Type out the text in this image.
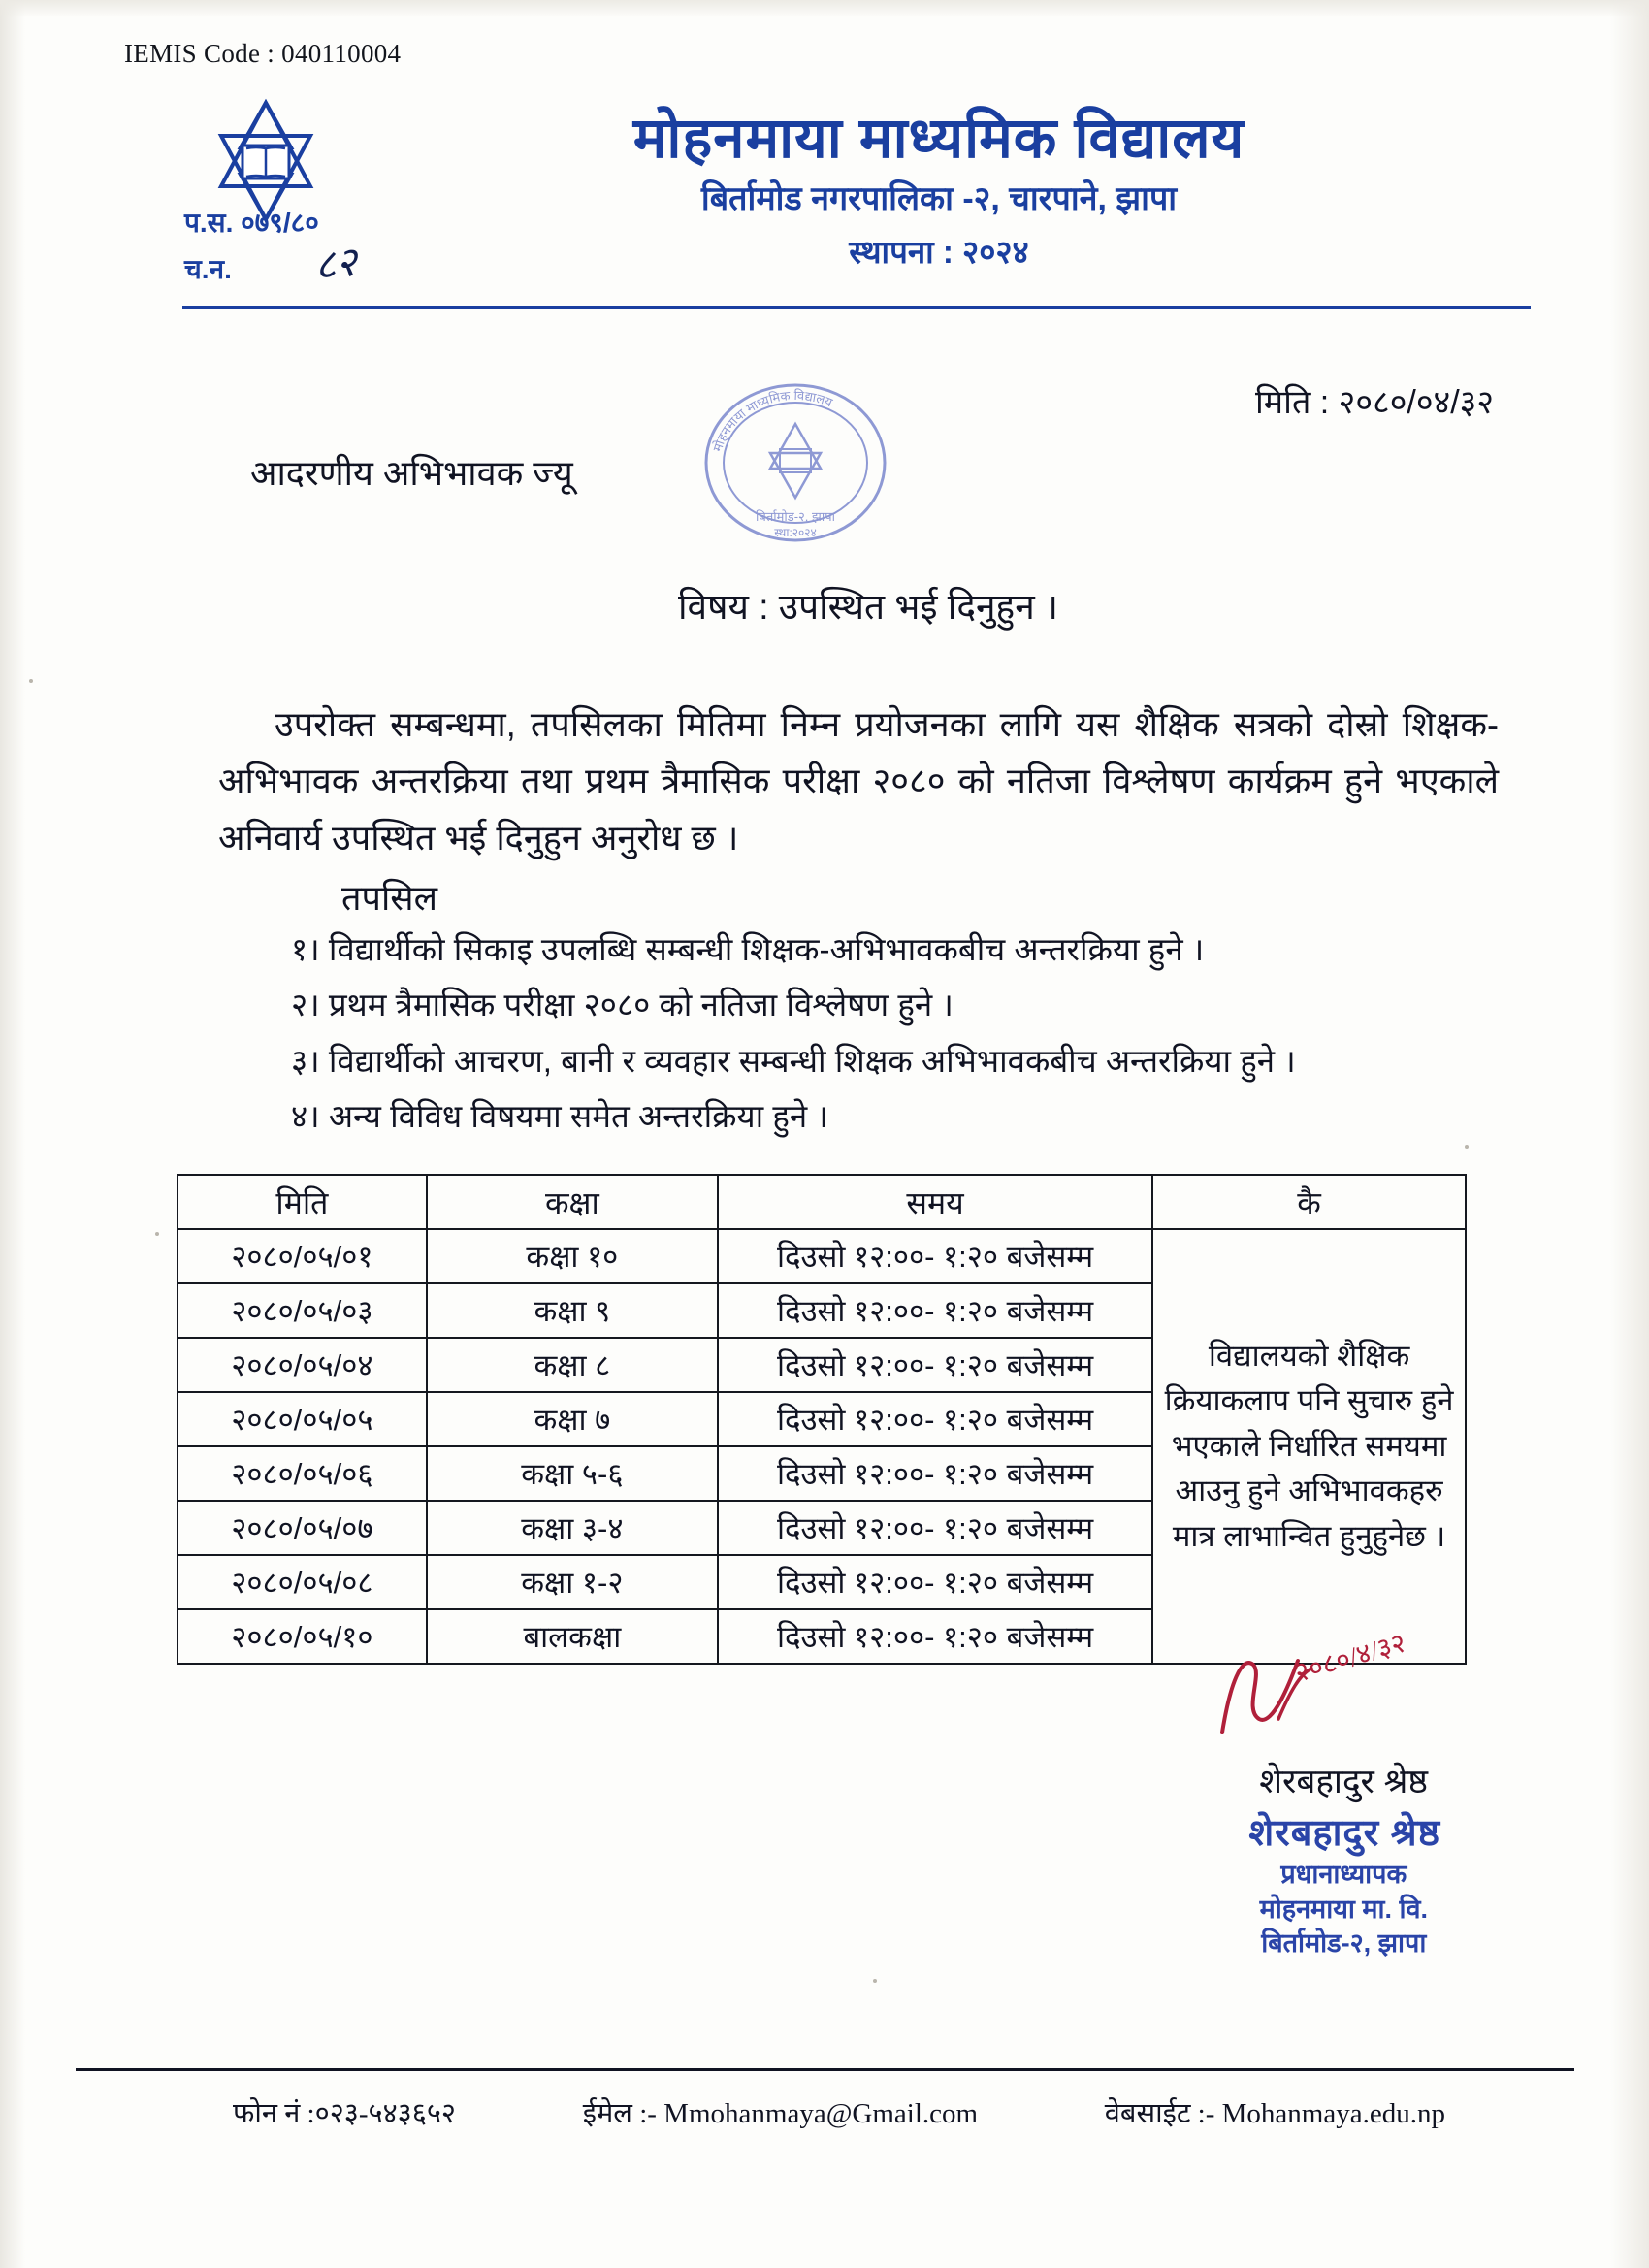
IEMIS Code : 040110004
प.स. ०७९/८०
च.न. ८२
मोहनमाया माध्यमिक विद्यालय
बिर्तामोड नगरपालिका -२, चारपाने, झापा
स्थापना : २०२४
मोहनमाया माध्यमिक विद्यालय
बिर्तामोड-२, झापा
स्था:२०२४
मिति : २०८०/०४/३२
आदरणीय अभिभावक ज्यू
विषय : उपस्थित भई दिनुहुन ।
उपरोक्त सम्बन्धमा, तपसिलका मितिमा निम्न प्रयोजनका लागि यस शैक्षिक सत्रको दोस्रो शिक्षक-अभिभावक अन्तरक्रिया तथा प्रथम त्रैमासिक परीक्षा २०८० को नतिजा विश्लेषण कार्यक्रम हुने भएकाले अनिवार्य उपस्थित भई दिनुहुन अनुरोध छ ।
तपसिल
१। विद्यार्थीको सिकाइ उपलब्धि सम्बन्धी शिक्षक-अभिभावकबीच अन्तरक्रिया हुने ।
२। प्रथम त्रैमासिक परीक्षा २०८० को नतिजा विश्लेषण हुने ।
३। विद्यार्थीको आचरण, बानी र व्यवहार सम्बन्धी शिक्षक अभिभावकबीच अन्तरक्रिया हुने ।
४। अन्य विविध विषयमा समेत अन्तरक्रिया हुने ।
मिति	कक्षा	समय	कै
२०८०/०५/०१	कक्षा १०	दिउसो १२:००- १:२० बजेसम्म	विद्यालयको शैक्षिक क्रियाकलाप पनि सुचारु हुने भएकाले निर्धारित समयमा आउनु हुने अभिभावकहरु मात्र लाभान्वित हुनुहुनेछ ।
२०८०/०५/०३	कक्षा ९	दिउसो १२:००- १:२० बजेसम्म	
२०८०/०५/०४	कक्षा ८	दिउसो १२:००- १:२० बजेसम्म	
२०८०/०५/०५	कक्षा ७	दिउसो १२:००- १:२० बजेसम्म	
२०८०/०५/०६	कक्षा ५-६	दिउसो १२:००- १:२० बजेसम्म	
२०८०/०५/०७	कक्षा ३-४	दिउसो १२:००- १:२० बजेसम्म	
२०८०/०५/०८	कक्षा १-२	दिउसो १२:००- १:२० बजेसम्म	
२०८०/०५/१०	बालकक्षा	दिउसो १२:००- १:२० बजेसम्म		२०८०/४/३२
शेरबहादुर श्रेष्ठ
शेरबहादुर श्रेष्ठ
प्रधानाध्यापक
मोहनमाया मा. वि.
बिर्तामोड-२, झापा
फोन नं :०२३-५४३६५२	ईमेल :- Mmohanmaya@Gmail.com	वेबसाईट :- Mohanmaya.edu.np
